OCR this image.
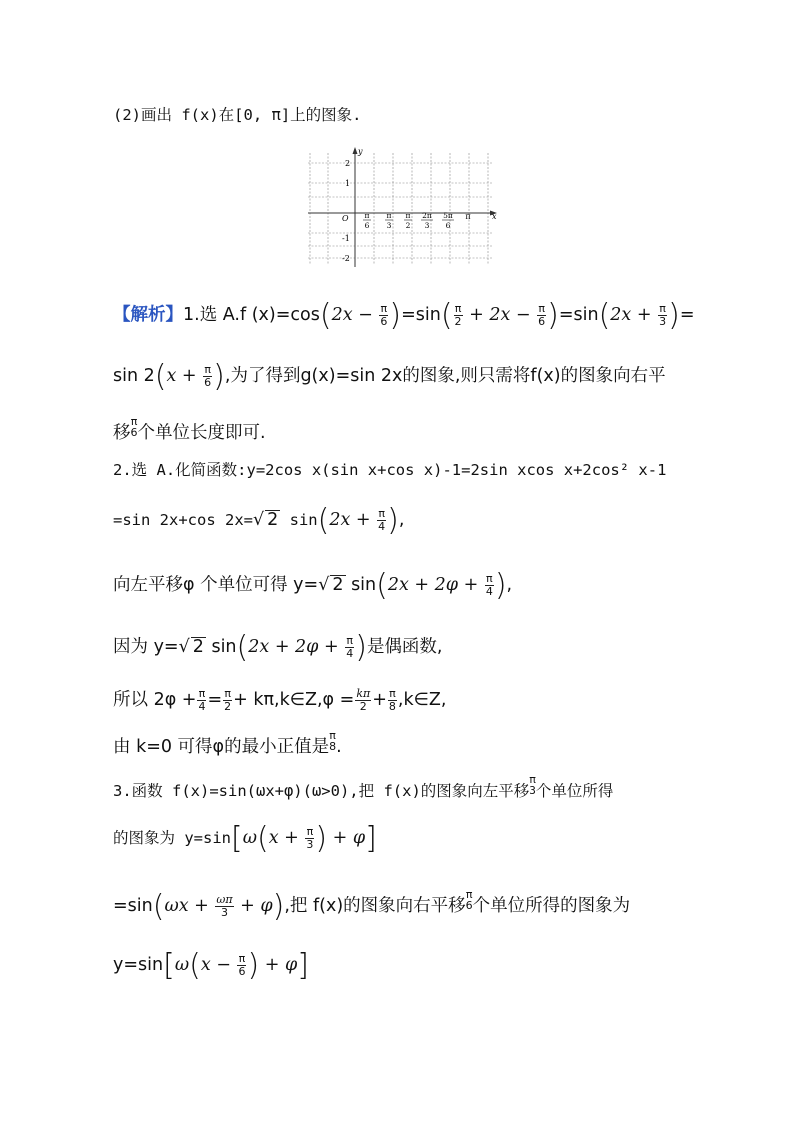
(2)画出 f(x)在[0, π]上的图象.
y
x
O
2
1
-1
-2
π
6
π
3
π
2
2π
3
5π
6
π
【解析】1.选 A.f $(x)=\cos(2x - \frac{\pi}{6} )=\sin( \frac{\pi}{2} + 2x - \frac{\pi}{6} )=\sin(2x + \frac{\pi}{3}$ )=
$\sin 2(x + \frac{\pi}{6}$ ),为了得到g(x)=sin 2x的图象,则只需将f(x)的图象向右平
移
π
6 个单位长度即可.
2.选 A.化简函数:y=2cos x(sin x+cos x)-1=2sin xcos x+2cos² x-1
=sin 2x+cos 2x=√ 2 $\sin(2x + \frac{\pi}{4}$ ),
向左平移φ 个单位可得 y=√ 2 $\sin(2x + 2\varphi + \frac{\pi}{4}$ ),
因为 y=√ 2 $\sin(2x + 2\varphi + \frac{\pi}{4}$ )是偶函数,
所以 $2\varphi + \frac{\pi}{4} = \frac{\pi}{2}$ + kπ,k∈Z,φ = $\frac{k\pi}{2} + \frac{\pi}{8}$ ,k∈Z,
由 k=0 可得φ的最小正值是
π
8 .
3.函数 f(x)=sin(ωx+φ)(ω>0),把 f(x)的图象向左平移
π
3 个单位所得
的图象为 $y=\sin[\omega(x + \frac{\pi}{3}$ ) + φ]
$=\sin(\omega x + \frac{\omega\pi}{3} + \varphi)$,把 f(x)的图象向右平移
π
6 个单位所得的图象为
$y=\sin[\omega(x - \frac{\pi}{6}$ ) + φ]
